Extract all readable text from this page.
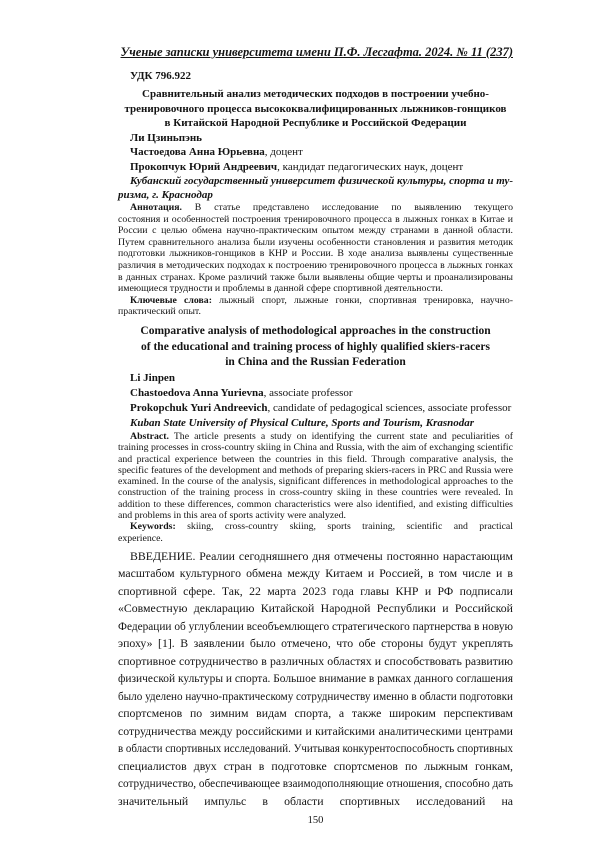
Ученые записки университета имени П.Ф. Лесгафта. 2024. № 11 (237)
УДК 796.922
Сравнительный анализ методических подходов в построении учебно-
тренировочного процесса высококвалифицированных лыжников-гонщиков
в Китайской Народной Республике и Российской Федерации
Ли Цзиньпэнь
Частоедова Анна Юрьевна, доцент
Прокопчук Юрий Андреевич, кандидат педагогических наук, доцент
Кубанский государственный университет физической культуры, спорта и ту-
ризма, г. Краснодар
Аннотация. В статье представлено исследование по выявлению текущего
состояния и особенностей построения тренировочного процесса в лыжных гонках в Китае и
России с целью обмена научно-практическим опытом между странами в данной области.
Путем сравнительного анализа были изучены особенности становления и развития методик
подготовки лыжников-гонщиков в КНР и России. В ходе анализа выявлены существенные
различия в методических подходах к построению тренировочного процесса в лыжных гонках
в данных странах. Кроме различий также были выявлены общие черты и проанализированы
имеющиеся трудности и проблемы в данной сфере спортивной деятельности.
Ключевые слова: лыжный спорт, лыжные гонки, спортивная тренировка, научно-
практический опыт.
Comparative analysis of methodological approaches in the construction
of the educational and training process of highly qualified skiers-racers
in China and the Russian Federation
Li Jinpen
Chastoedova Anna Yurievna, associate professor
Prokopchuk Yuri Andreevich, candidate of pedagogical sciences, associate professor
Kuban State University of Physical Culture, Sports and Tourism, Krasnodar
Abstract. The article presents a study on identifying the current state and peculiarities of
training processes in cross-country skiing in China and Russia, with the aim of exchanging scientific
and practical experience between the countries in this field. Through comparative analysis, the
specific features of the development and methods of preparing skiers-racers in PRC and Russia were
examined. In the course of the analysis, significant differences in methodological approaches to the
construction of the training process in cross-country skiing in these countries were revealed. In
addition to these differences, common characteristics were also identified, and existing difficulties
and problems in this area of sports activity were analyzed.
Keywords: skiing, cross-country skiing, sports training, scientific and practical
experience.
ВВЕДЕНИЕ. Реалии сегодняшнего дня отмечены постоянно нарастающим
масштабом культурного обмена между Китаем и Россией, в том числе и в
спортивной сфере. Так, 22 марта 2023 года главы КНР и РФ подписали
«Совместную декларацию Китайской Народной Республики и Российской
Федерации об углублении всеобъемлющего стратегического партнерства в новую
эпоху» [1]. В заявлении было отмечено, что обе стороны будут укреплять
спортивное сотрудничество в различных областях и способствовать развитию
физической культуры и спорта. Большое внимание в рамках данного соглашения
было уделено научно-практическому сотрудничеству именно в области подготовки
спортсменов по зимним видам спорта, а также широким перспективам
сотрудничества между российскими и китайскими аналитическими центрами
в области спортивных исследований. Учитывая конкурентоспособность спортивных
специалистов двух стран в подготовке спортсменов по лыжным гонкам,
сотрудничество, обеспечивающее взаимодополняющие отношения, способно дать
значительный импульс в области спортивных исследований на
150
